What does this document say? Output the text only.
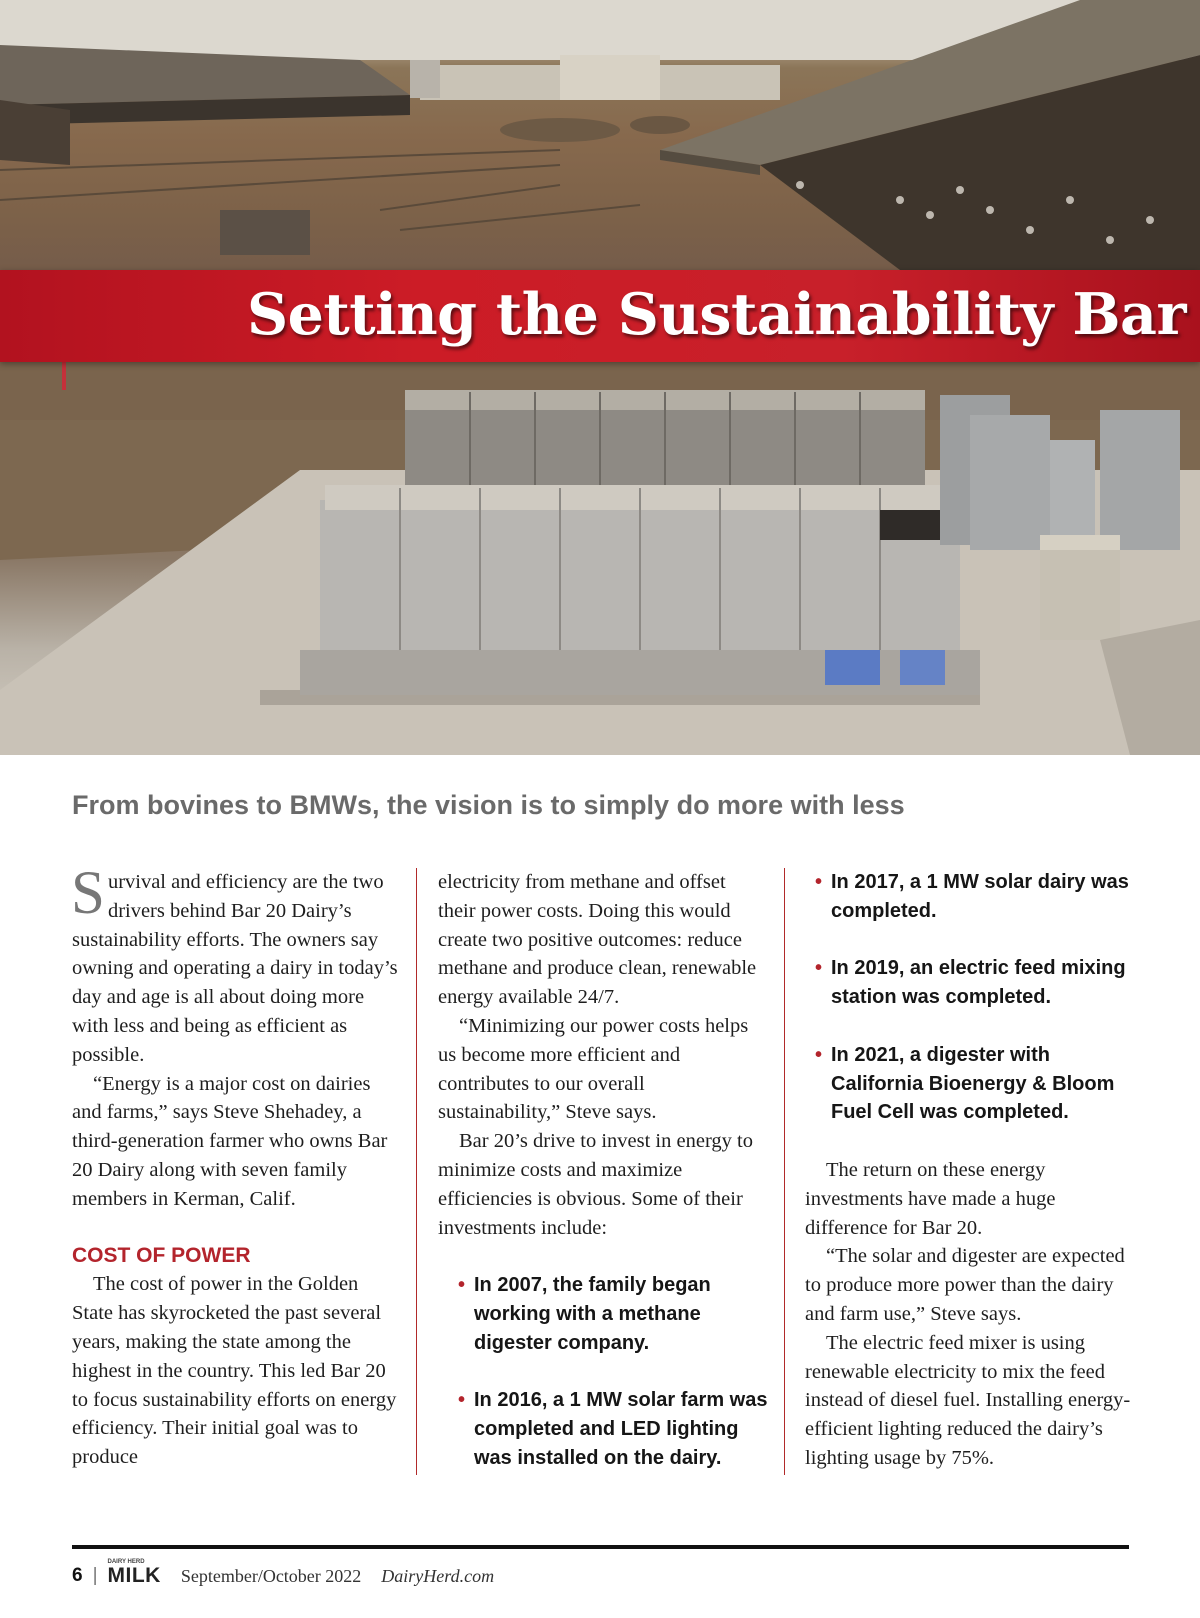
Setting the Sustainability Bar
From bovines to BMWs, the vision is to simply do more with less

Survival and efficiency are the two drivers behind Bar 20 Dairy’s sustainability efforts. The owners say owning and operating a dairy in today’s day and age is all about doing more with less and being as efficient as possible.

“Energy is a major cost on dairies and farms,” says Steve Shehadey, a third-generation farmer who owns Bar 20 Dairy along with seven family members in Kerman, Calif.

COST OF POWER

The cost of power in the Golden State has skyrocketed the past several years, making the state among the highest in the country. This led Bar 20 to focus sustainability efforts on energy efficiency. Their initial goal was to produce

electricity from methane and offset their power costs. Doing this would create two positive outcomes: reduce methane and produce clean, renewable energy available 24/7.

“Minimizing our power costs helps us become more efficient and contributes to our overall sustainability,” Steve says.

Bar 20’s drive to invest in energy to minimize costs and maximize efficiencies is obvious. Some of their investments include:

• In 2007, the family began working with a methane digester company.
• In 2016, a 1 MW solar farm was completed and LED lighting was installed on the dairy.
• In 2017, a 1 MW solar dairy was completed.
• In 2019, an electric feed mixing station was completed.
• In 2021, a digester with California Bioenergy & Bloom Fuel Cell was completed.

The return on these energy investments have made a huge difference for Bar 20.

“The solar and digester are expected to produce more power than the dairy and farm use,” Steve says.

The electric feed mixer is using renewable electricity to mix the feed instead of diesel fuel. Installing energy-efficient lighting reduced the dairy’s lighting usage by 75%.

6 |
DAIRY HERD
MILK September/October 2022 DairyHerd.com
